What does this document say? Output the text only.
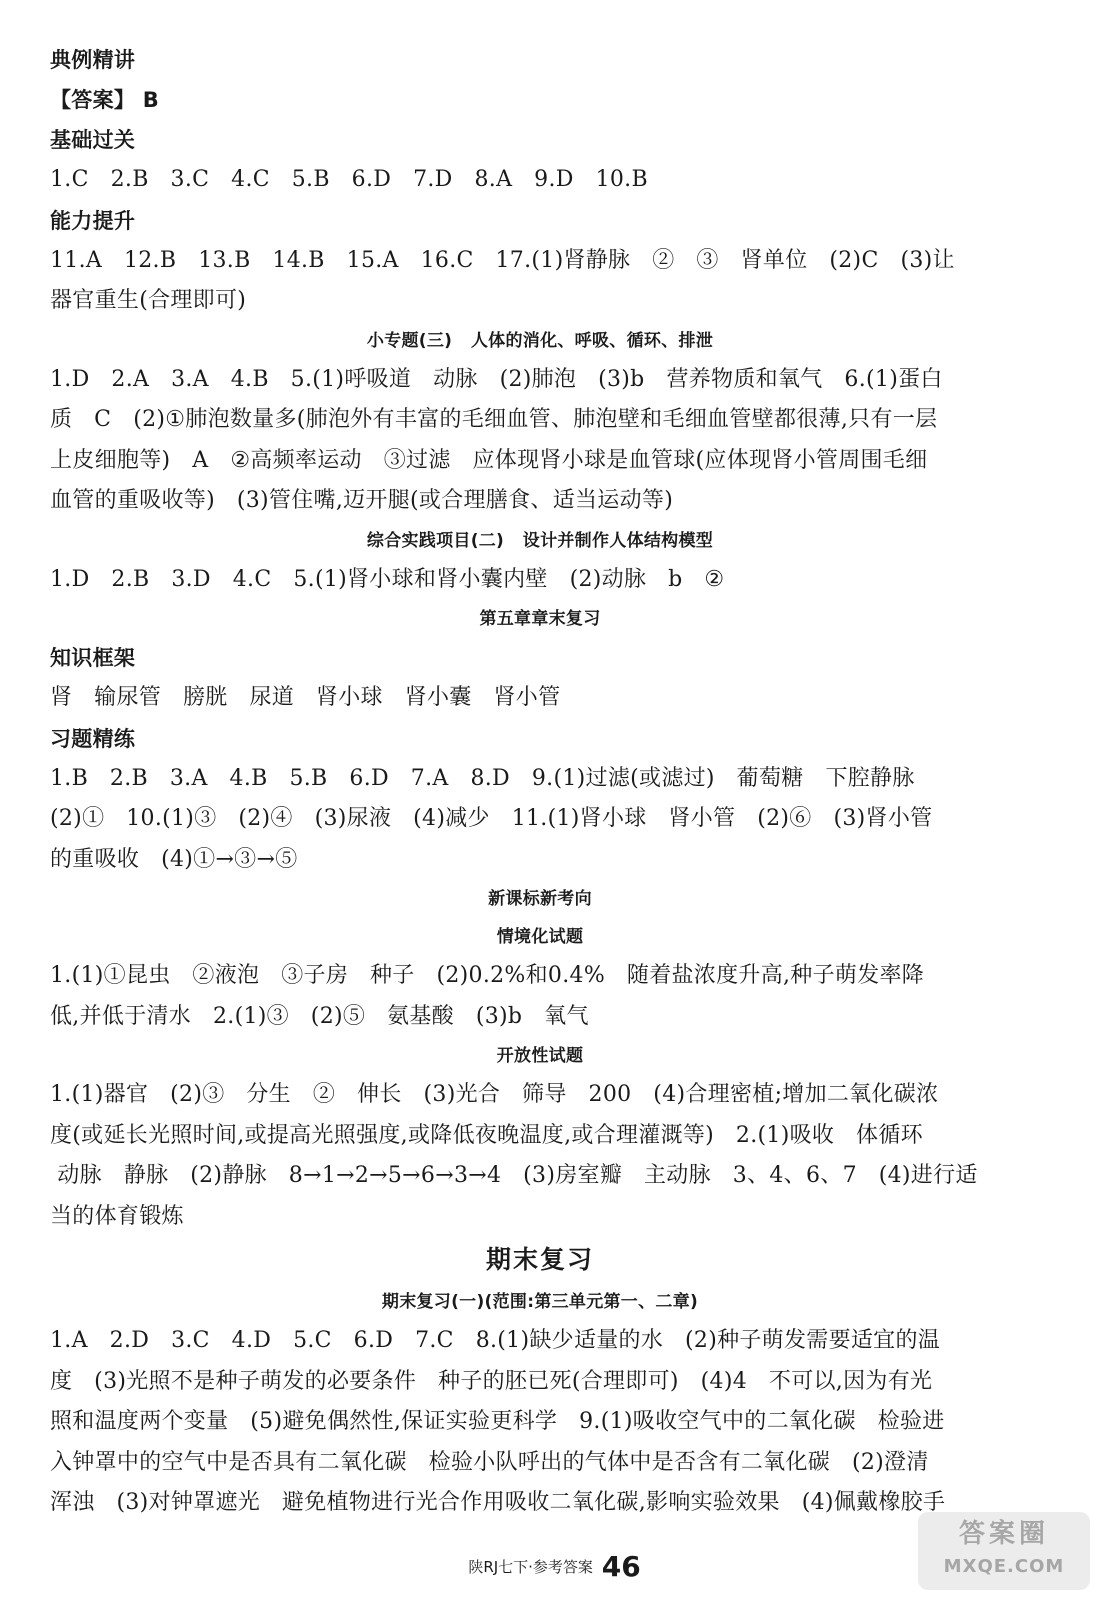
典例精讲
【答案】 B
基础过关
1.C   2.B   3.C   4.C   5.B   6.D   7.D   8.A   9.D   10.B
能力提升
11.A   12.B   13.B   14.B   15.A   16.C   17.(1)肾静脉   ②   ③   肾单位   (2)C   (3)让
器官重生(合理即可)
小专题(三)   人体的消化、呼吸、循环、排泄
1.D   2.A   3.A   4.B   5.(1)呼吸道   动脉   (2)肺泡   (3)b   营养物质和氧气   6.(1)蛋白
质   C   (2)①肺泡数量多(肺泡外有丰富的毛细血管、肺泡壁和毛细血管壁都很薄,只有一层
上皮细胞等)   A   ②高频率运动   ③过滤   应体现肾小球是血管球(应体现肾小管周围毛细
血管的重吸收等)   (3)管住嘴,迈开腿(或合理膳食、适当运动等)
综合实践项目(二)   设计并制作人体结构模型
1.D   2.B   3.D   4.C   5.(1)肾小球和肾小囊内壁   (2)动脉   b   ②
第五章章末复习
知识框架
肾   输尿管   膀胱   尿道   肾小球   肾小囊   肾小管
习题精练
1.B   2.B   3.A   4.B   5.B   6.D   7.A   8.D   9.(1)过滤(或滤过)   葡萄糖   下腔静脉
(2)①   10.(1)③   (2)④   (3)尿液   (4)减少   11.(1)肾小球   肾小管   (2)⑥   (3)肾小管
的重吸收   (4)①→③→⑤
新课标新考向
情境化试题
1.(1)①昆虫   ②液泡   ③子房   种子   (2)0.2%和0.4%   随着盐浓度升高,种子萌发率降
低,并低于清水   2.(1)③   (2)⑤   氨基酸   (3)b   氧气
开放性试题
1.(1)器官   (2)③   分生   ②   伸长   (3)光合   筛导   200   (4)合理密植;增加二氧化碳浓
度(或延长光照时间,或提高光照强度,或降低夜晚温度,或合理灌溉等)   2.(1)吸收   体循环
动脉   静脉   (2)静脉   8→1→2→5→6→3→4   (3)房室瓣   主动脉   3、4、6、7   (4)进行适
当的体育锻炼
期末复习
期末复习(一)(范围:第三单元第一、二章)
1.A   2.D   3.C   4.D   5.C   6.D   7.C   8.(1)缺少适量的水   (2)种子萌发需要适宜的温
度   (3)光照不是种子萌发的必要条件   种子的胚已死(合理即可)   (4)4   不可以,因为有光
照和温度两个变量   (5)避免偶然性,保证实验更科学   9.(1)吸收空气中的二氧化碳   检验进
入钟罩中的空气中是否具有二氧化碳   检验小队呼出的气体中是否含有二氧化碳   (2)澄清
浑浊   (3)对钟罩遮光   避免植物进行光合作用吸收二氧化碳,影响实验效果   (4)佩戴橡胶手
陕RJ七下·参考答案 46
答案圈
MXQE.COM
